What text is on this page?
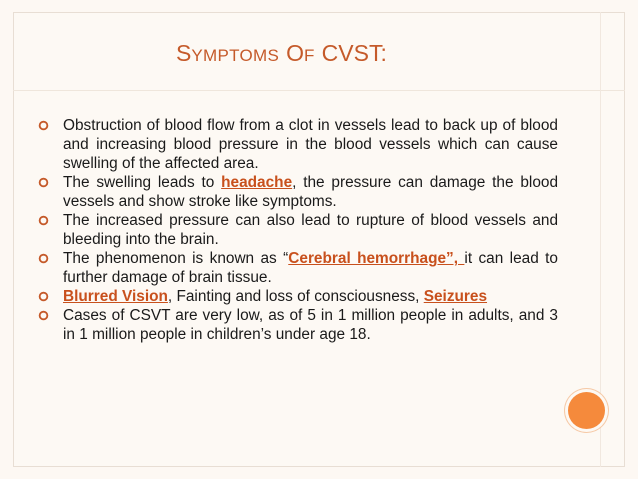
SYMPTOMS OF CVST:
Obstruction of blood flow from a clot in vessels lead to back up of blood and increasing blood pressure in the blood vessels which can cause swelling of the affected area.
The swelling leads to headache, the pressure can damage the blood vessels and show stroke like symptoms.
The increased pressure can also lead to rupture of blood vessels and bleeding into the brain.
The phenomenon is known as “Cerebral hemorrhage”, it can lead to further damage of brain tissue.
Blurred Vision, Fainting and loss of consciousness, Seizures
Cases of CSVT are very low, as of 5 in 1 million people in adults, and 3 in 1 million people in children’s under age 18.
